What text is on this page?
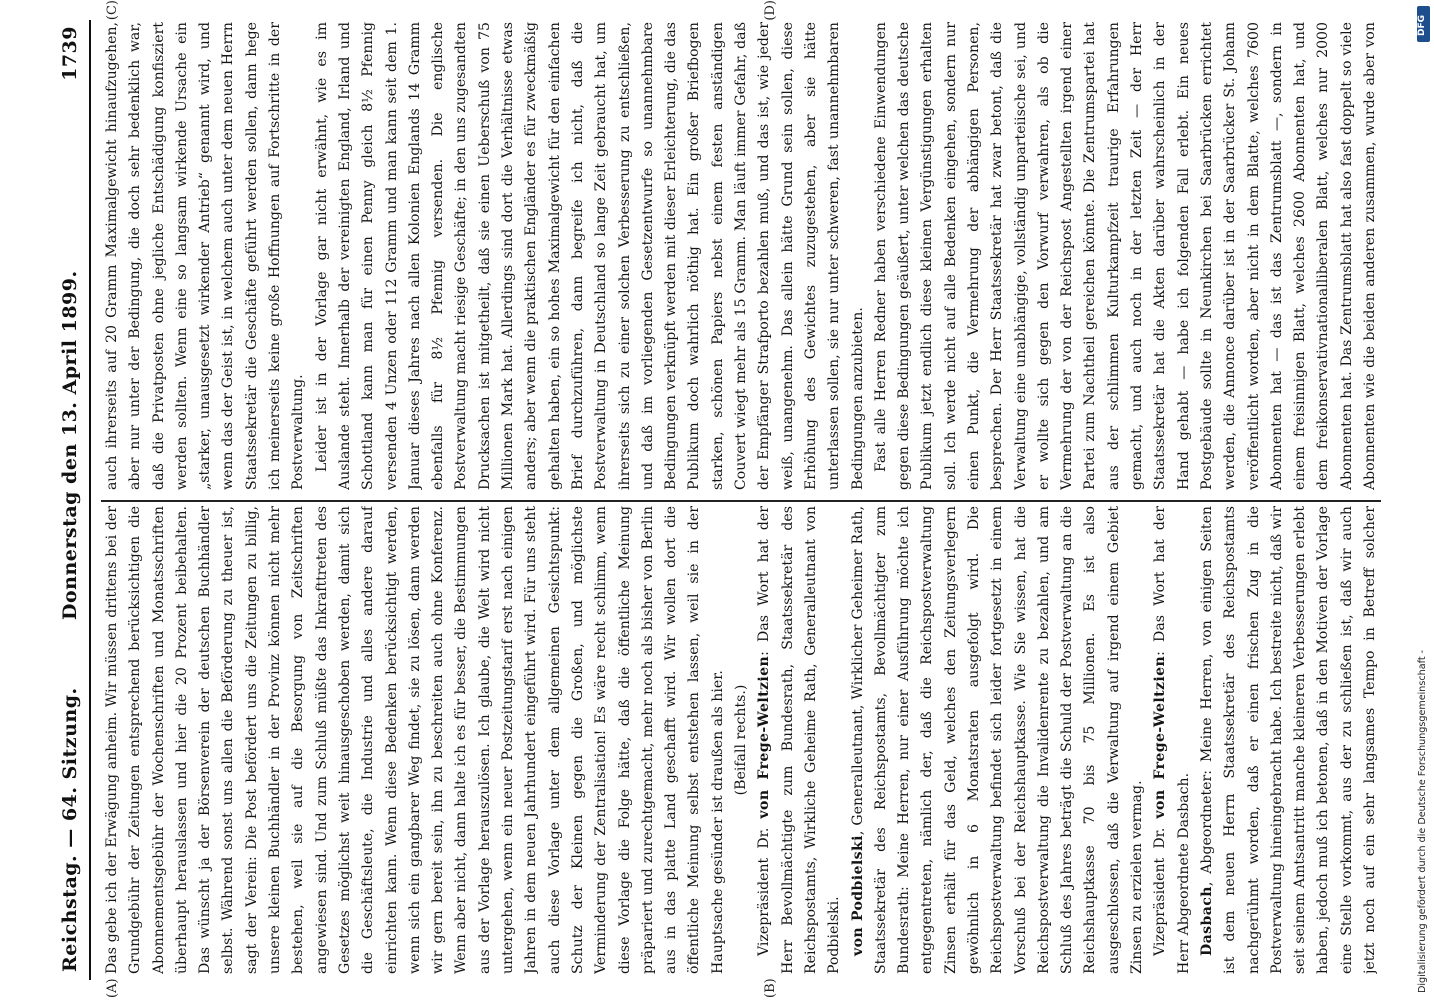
Reichstag. — 64. Sitzung.
Donnerstag den 13. April 1899.
1739

Das gebe ich der Erwägung anheim. Wir müssen drittens bei der Grundgebühr der Zeitungen entsprechend berücksichtigen die Abonnementsgebühr der Wochenschriften und Monatsschriften überhaupt herauslassen und hier die 20 Prozent beibehalten. Das wünscht ja der Börsenverein der deutschen Buchhändler selbst. Während sonst uns allen die Beförderung zu theuer ist, sagt der Verein: Die Post befördert uns die Zeitungen zu billig, unsere kleinen Buchhändler in der Provinz können nicht mehr bestehen, weil sie auf die Besorgung von Zeitschriften angewiesen sind. Und zum Schluß müßte das Inkrafttreten des Gesetzes möglichst weit hinausgeschoben werden, damit sich die Geschäftsleute, die Industrie und alles andere darauf einrichten kann. Wenn diese Bedenken berücksichtigt werden, wenn sich ein gangbarer Weg findet, sie zu lösen, dann werden wir gern bereit sein, ihn zu beschreiten auch ohne Konferenz. Wenn aber nicht, dann halte ich es für besser, die Bestimmungen aus der Vorlage herauszulösen. Ich glaube, die Welt wird nicht untergehen, wenn ein neuer Postzeitungstarif erst nach einigen Jahren in dem neuen Jahrhundert eingeführt wird. Für uns steht auch diese Vorlage unter dem allgemeinen Gesichtspunkt: Schutz der Kleinen gegen die Großen, und möglichste Verminderung der Zentralisation! Es wäre recht schlimm, wenn diese Vorlage die Folge hätte, daß die öffentliche Meinung präpariert und zurechtgemacht, mehr noch als bisher von Berlin aus in das platte Land geschafft wird. Wir wollen dort die öffentliche Meinung selbst entstehen lassen, weil sie in der Hauptsache gesünder ist draußen als hier. (Beifall rechts.)

Vizepräsident Dr. von Frege-Weltzien: Das Wort hat der Herr Bevollmächtigte zum Bundesrath, Staatssekretär des Reichspostamts, Wirkliche Geheime Rath, Generalleutnant von Podbielski. von Podbielski, Generalleutnant, Wirklicher Geheimer Rath, Staatssekretär des Reichspostamts, Bevollmächtigter zum Bundesrath: Meine Herren, nur einer Ausführung möchte ich entgegentreten, nämlich der, daß die Reichspostverwaltung Zinsen erhält für das Geld, welches den Zeitungsverlegern gewöhnlich in 6 Monatsraten ausgefolgt wird. Die Reichspostverwaltung befindet sich leider fortgesetzt in einem Vorschuß bei der Reichshauptkasse. Wie Sie wissen, hat die Reichspostverwaltung die Invalidenrente zu bezahlen, und am Schluß des Jahres beträgt die Schuld der Postverwaltung an die Reichshauptkasse 70 bis 75 Millionen. Es ist also ausgeschlossen, daß die Verwaltung auf irgend einem Gebiet Zinsen zu erzielen vermag. Vizepräsident Dr. von Frege-Weltzien: Das Wort hat der Herr Abgeordnete Dasbach. Dasbach, Abgeordneter: Meine Herren, von einigen Seiten ist dem neuen Herrn Staatssekretär des Reichspostamts nachgerühmt worden, daß er einen frischen Zug in die Postverwaltung hineingebracht habe. Ich bestreite nicht, daß wir seit seinem Amtsantritt manche kleineren Verbesserungen erlebt haben, jedoch muß ich betonen, daß in den Motiven der Vorlage eine Stelle vorkommt, aus der zu schließen ist, daß wir auch jetzt noch auf ein sehr langsames Tempo in Betreff solcher

auch ihrerseits auf 20 Gramm Maximalgewicht hinaufzugehen, aber nur unter der Bedingung, die doch sehr bedenklich war, daß die Privatposten ohne jegliche Entschädigung konfisziert werden sollten. Wenn eine so langsam wirkende Ursache ein „starker, unausgesetzt wirkender Antrieb“ genannt wird, und wenn das der Geist ist, in welchem auch unter dem neuen Herrn Staatssekretär die Geschäfte geführt werden sollen, dann hege ich meinerseits keine große Hoffnungen auf Fortschritte in der Postverwaltung. Leider ist in der Vorlage gar nicht erwähnt, wie es im Auslande steht. Innerhalb der vereinigten England, Irland und Schottland kann man für einen Penny gleich 8½ Pfennig versenden 4 Unzen oder 112 Gramm und man kann seit dem 1. Januar dieses Jahres nach allen Kolonien Englands 14 Gramm ebenfalls für 8½ Pfennig versenden. Die englische Postverwaltung macht riesige Geschäfte; in den uns zugesandten Drucksachen ist mitgetheilt, daß sie einen Ueberschuß von 75 Millionen Mark hat. Allerdings sind dort die Verhältnisse etwas anders; aber wenn die praktischen Engländer es für zweckmäßig gehalten haben, ein so hohes Maximalgewicht für den einfachen Brief durchzuführen, dann begreife ich nicht, daß die Postverwaltung in Deutschland so lange Zeit gebraucht hat, um ihrerseits sich zu einer solchen Verbesserung zu entschließen, und daß im vorliegenden Gesetzentwurfe so unannehmbare Bedingungen verknüpft werden mit dieser Erleichterung, die das Publikum doch wahrlich nöthig hat. Ein großer Briefbogen starken, schönen Papiers nebst einem festen anständigen Couvert wiegt mehr als 15 Gramm. Man läuft immer Gefahr, daß der Empfänger Strafporto bezahlen muß, und das ist, wie jeder weiß, unangenehm. Das allein hätte Grund sein sollen, diese Erhöhung des Gewichtes zuzugestehen, aber sie hätte unterlassen sollen, sie nur unter schweren, fast unannehmbaren Bedingungen anzubieten. Fast alle Herren Redner haben verschiedene Einwendungen gegen diese Bedingungen geäußert, unter welchen das deutsche Publikum jetzt endlich diese kleinen Vergünstigungen erhalten soll. Ich werde nicht auf alle Bedenken eingehen, sondern nur einen Punkt, die Vermehrung der abhängigen Personen, besprechen. Der Herr Staatssekretär hat zwar betont, daß die Verwaltung eine unabhängige, vollständig unparteiische sei, und er wollte sich gegen den Vorwurf verwahren, als ob die Vermehrung der von der Reichspost Angestellten irgend einer Partei zum Nachtheil gereichen könnte. Die Zentrumspartei hat aus der schlimmen Kulturkampfzeit traurige Erfahrungen gemacht, und auch noch in der letzten Zeit — der Herr Staatssekretär hat die Akten darüber wahrscheinlich in der Hand gehabt — habe ich folgenden Fall erlebt. Ein neues Postgebäude sollte in Neunkirchen bei Saarbrücken errichtet werden, die Annonce darüber ist in der Saarbrücker St. Johann veröffentlicht worden, aber nicht in dem Blatte, welches 7600 Abonnenten hat — das ist das Zentrumsblatt —, sondern in einem freisinnigen Blatt, welches 2600 Abonnenten hat, und dem freikonservativnationalliberalen Blatt, welches nur 2000 Abonnenten hat. Das Zentrumsblatt hat also fast doppelt so viele Abonnenten wie die beiden anderen zusammen, wurde aber von

(A)	(B)
(C)	(D)
DFG
Digitalisierung gefördert durch die Deutsche Forschungsgemeinschaft -
